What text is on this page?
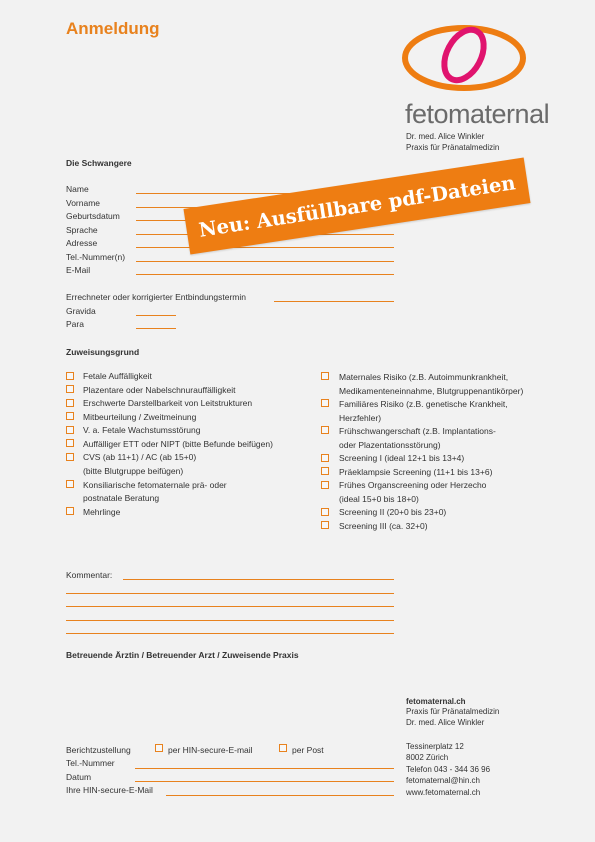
Anmeldung
fetomaternal
Dr. med. Alice Winkler
Praxis für Pränatalmedizin
Die Schwangere
Name
Vorname
Geburtsdatum
Sprache
Adresse
Tel.-Nummer(n)
E-Mail
Errechneter oder korrigierter Entbindungstermin
Gravida
Para
Neu: Ausfüllbare pdf-Dateien
Zuweisungsgrund
Fetale Auffälligkeit
Plazentare oder Nabelschnurauffälligkeit
Erschwerte Darstellbarkeit von Leitstrukturen
Mitbeurteilung / Zweitmeinung
V. a. Fetale Wachstumsstörung
Auffälliger ETT oder NIPT (bitte Befunde beifügen)
CVS (ab 11+1) / AC (ab 15+0)
(bitte Blutgruppe beifügen)
Konsiliarische fetomaternale prä- oder
postnatale Beratung
Mehrlinge
Maternales Risiko (z.B. Autoimmunkrankheit,
Medikamenteneinnahme, Blutgruppenantikörper)
Familiäres Risiko (z.B. genetische Krankheit,
Herzfehler)
Frühschwangerschaft (z.B. Implantations-
oder Plazentationsstörung)
Screening I (ideal 12+1 bis 13+4)
Präeklampsie Screening (11+1 bis 13+6)
Frühes Organscreening oder Herzecho
(ideal 15+0 bis 18+0)
Screening II (20+0 bis 23+0)
Screening III (ca. 32+0)
Kommentar:
Betreuende Ärztin / Betreuender Arzt / Zuweisende Praxis
Berichtzustellung	per HIN-secure-E-mail	per Post
Tel.-Nummer
Datum
Ihre HIN-secure-E-Mail
fetomaternal.ch
Praxis für Pränatalmedizin
Dr. med. Alice Winkler
Tessinerplatz 12
8002 Zürich
Telefon 043 - 344 36 96
fetomaternal@hin.ch
www.fetomaternal.ch
